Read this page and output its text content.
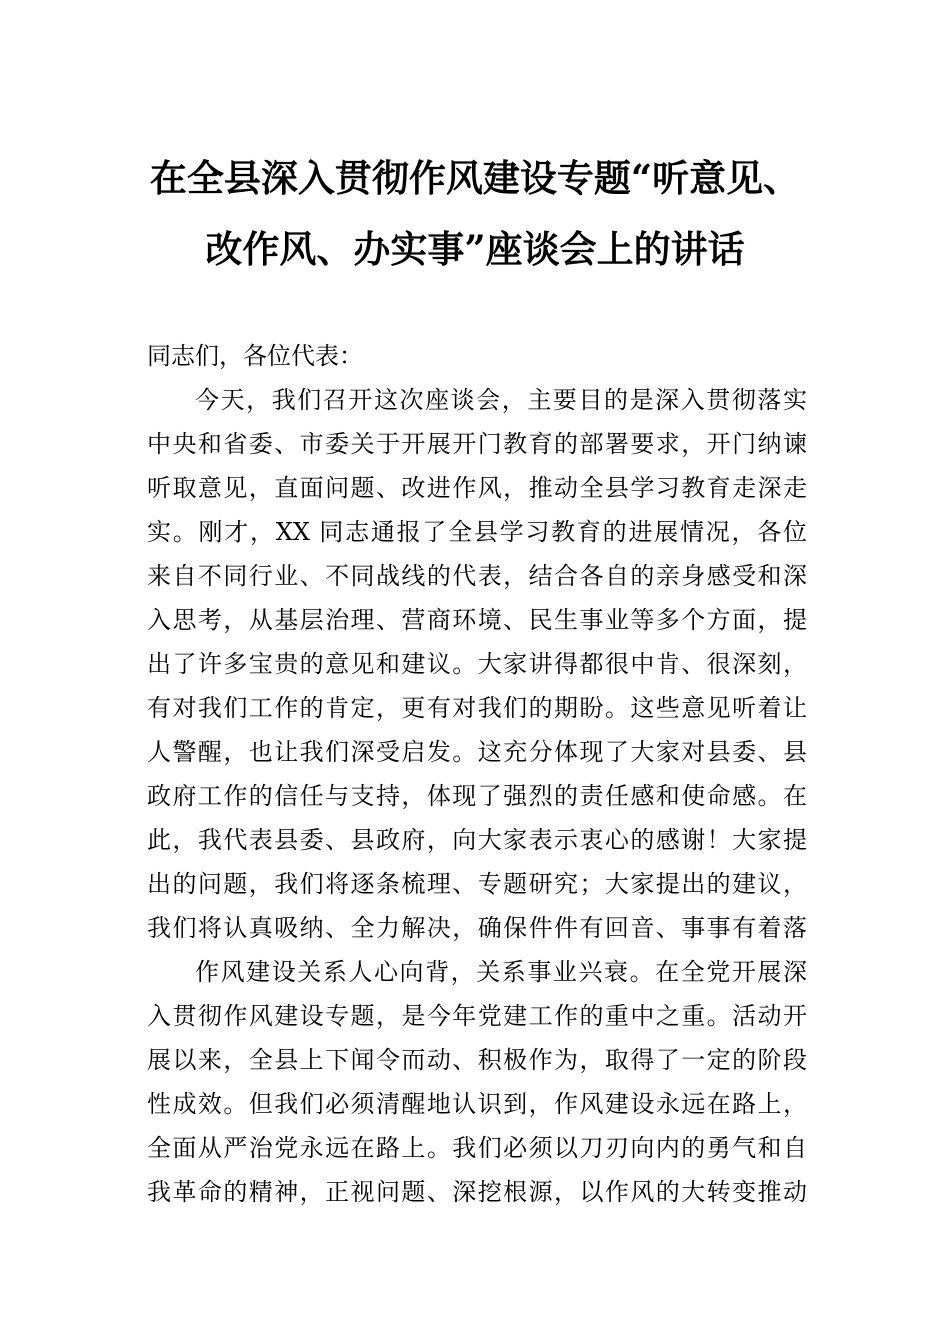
在全县深入贯彻作风建设专题“听意见、
改作风、办实事”座谈会上的讲话
同志们，各位代表：
今天，我们召开这次座谈会，主要目的是深入贯彻落实
中央和省委、市委关于开展开门教育的部署要求，开门纳谏
听取意见，直面问题、改进作风，推动全县学习教育走深走
实。刚才，XX 同志通报了全县学习教育的进展情况，各位
来自不同行业、不同战线的代表，结合各自的亲身感受和深
入思考，从基层治理、营商环境、民生事业等多个方面，提
出了许多宝贵的意见和建议。大家讲得都很中肯、很深刻，
有对我们工作的肯定，更有对我们的期盼。这些意见听着让
人警醒，也让我们深受启发。这充分体现了大家对县委、县
政府工作的信任与支持，体现了强烈的责任感和使命感。在
此，我代表县委、县政府，向大家表示衷心的感谢！大家提
出的问题，我们将逐条梳理、专题研究；大家提出的建议，
我们将认真吸纳、全力解决，确保件件有回音、事事有着落
作风建设关系人心向背，关系事业兴衰。在全党开展深
入贯彻作风建设专题，是今年党建工作的重中之重。活动开
展以来，全县上下闻令而动、积极作为，取得了一定的阶段
性成效。但我们必须清醒地认识到，作风建设永远在路上，
全面从严治党永远在路上。我们必须以刀刃向内的勇气和自
我革命的精神，正视问题、深挖根源，以作风的大转变推动
